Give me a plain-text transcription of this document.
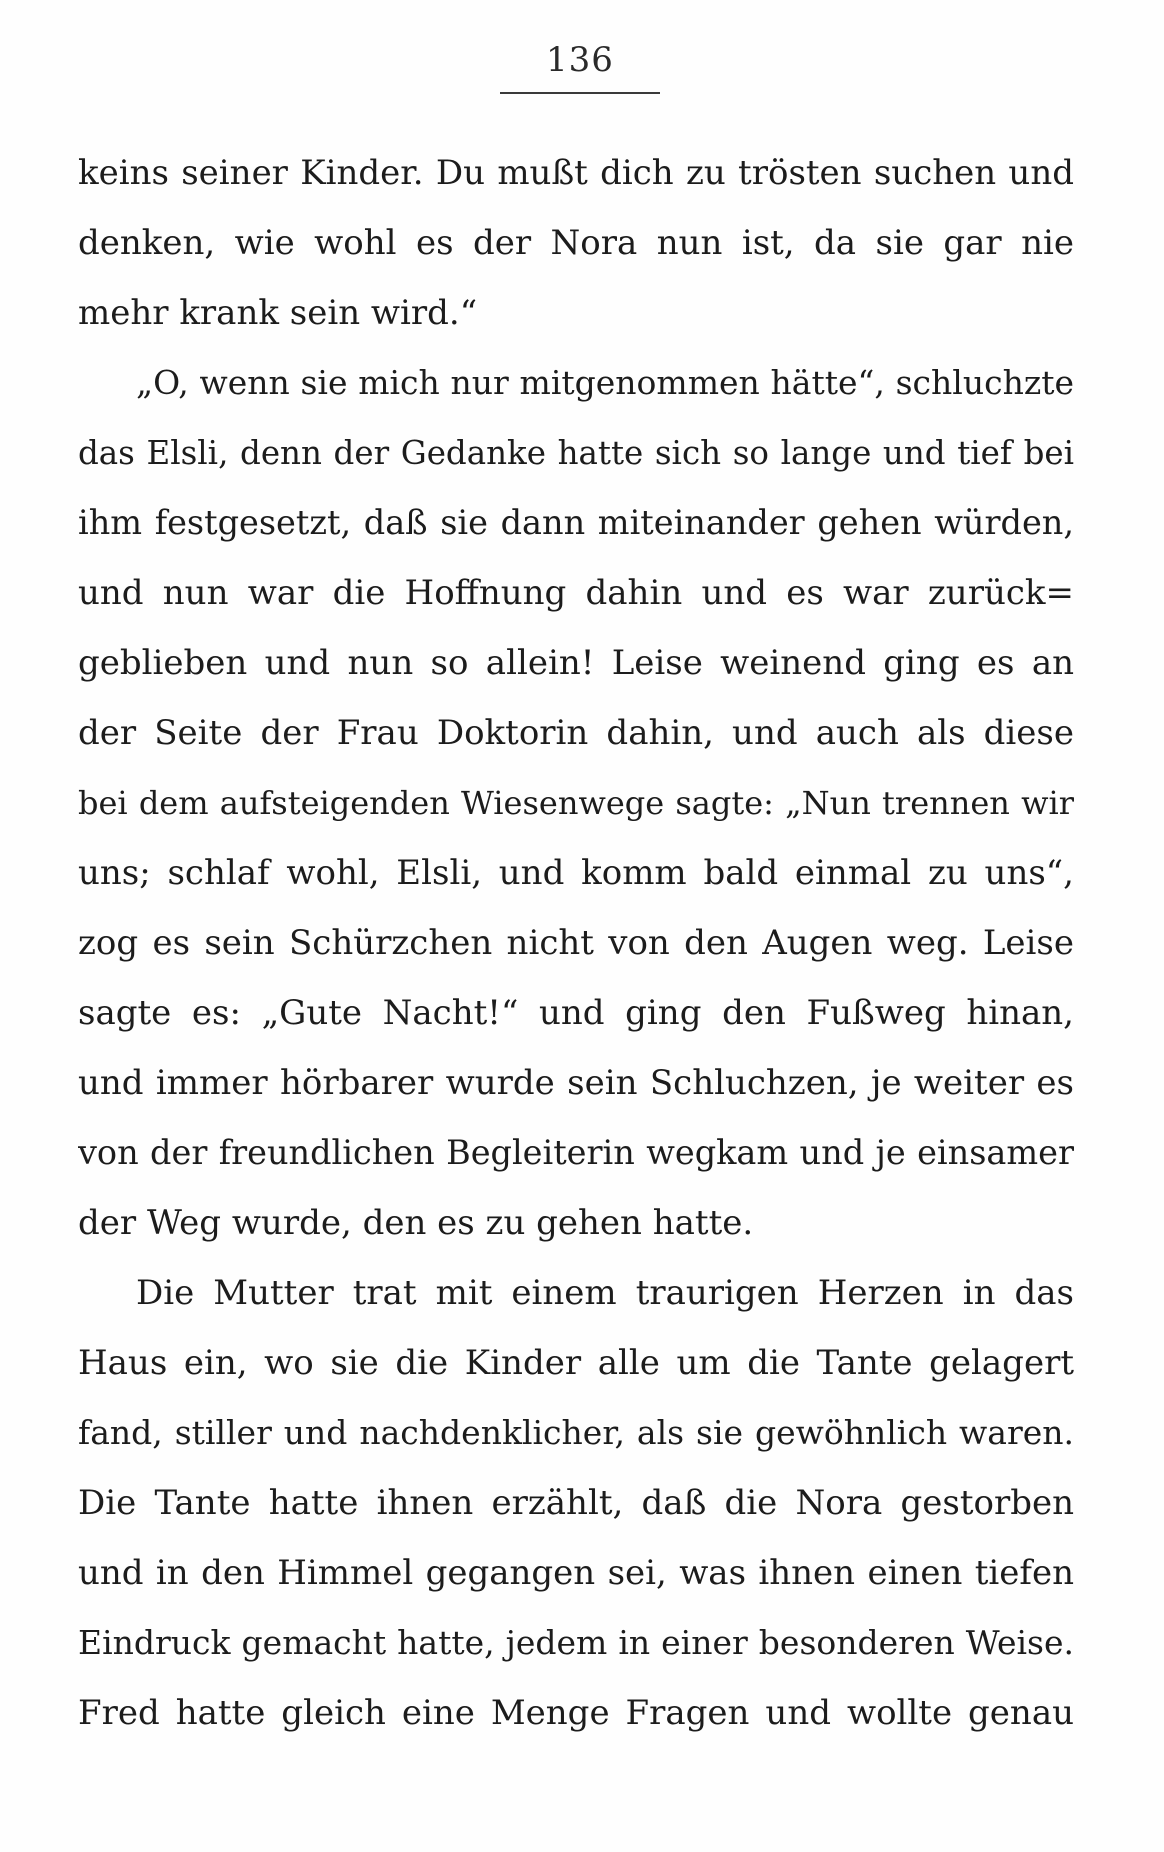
136
keins seiner Kinder. Du mußt dich zu trösten suchen und
denken, wie wohl es der Nora nun ist, da sie gar nie
mehr krank sein wird.“
„O, wenn sie mich nur mitgenommen hätte“, schluchzte
das Elsli, denn der Gedanke hatte sich so lange und tief bei
ihm festgesetzt, daß sie dann miteinander gehen würden,
und nun war die Hoffnung dahin und es war zurück=
geblieben und nun so allein! Leise weinend ging es an
der Seite der Frau Doktorin dahin, und auch als diese
bei dem aufsteigenden Wiesenwege sagte: „Nun trennen wir
uns; schlaf wohl, Elsli, und komm bald einmal zu uns“,
zog es sein Schürzchen nicht von den Augen weg. Leise
sagte es: „Gute Nacht!“ und ging den Fußweg hinan,
und immer hörbarer wurde sein Schluchzen, je weiter es
von der freundlichen Begleiterin wegkam und je einsamer
der Weg wurde, den es zu gehen hatte.
Die Mutter trat mit einem traurigen Herzen in das
Haus ein, wo sie die Kinder alle um die Tante gelagert
fand, stiller und nachdenklicher, als sie gewöhnlich waren.
Die Tante hatte ihnen erzählt, daß die Nora gestorben
und in den Himmel gegangen sei, was ihnen einen tiefen
Eindruck gemacht hatte, jedem in einer besonderen Weise.
Fred hatte gleich eine Menge Fragen und wollte genau
